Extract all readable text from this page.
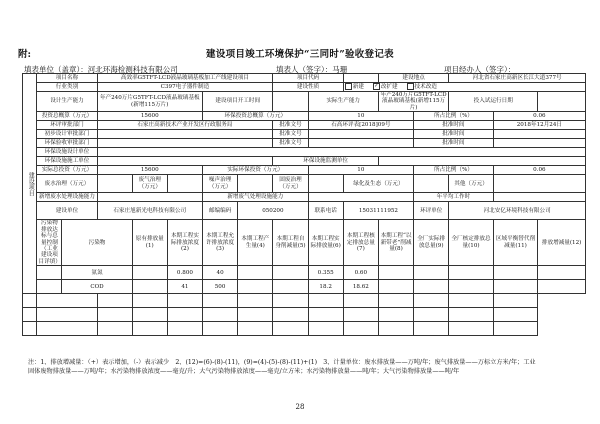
附:	建设项目竣工环境保护“三同时”验收登记表
填表单位（盖章）：河北环海检测科技有限公司	填表人（签字）：马珊	项目经办人（签字）：
建设项目	项目名称		高效率G5TFT-LCD液晶玻璃基板加工产线建设项目					项目代码			建设地点		河北省石家庄高新区长江大道377号		
	行业类别		C397电子器件制造					建设性质		新建 ✓ 改扩建 技术改造					
	设计生产能力		年产240万片G5TFT-LCD液晶玻璃基板(新增115万片)			建设项目开工时间			实际生产能力		年产240万片G5TFT-LCD液晶玻璃基板(新增115万片)		投入试运行日期		
	投资总概算（万元）		15600			环保投资总概算（万元）			10			所占比例（%）		0.06	
	环评审批部门		石家庄高新技术产业开发区行政服务局					批准文号	石高环评表[2018]09号			批准时间		2018年12月24日	
	初步设计审批部门							批准文号				批准时间			
	环保验收审批部门							批准文号				批准时间			
	环保设施设计单位														
	环保设施施工单位							环保设施监测单位							
	实际总投资（万元）		15600			实际环保投资（万元）			10			所占比例（%）		0.06	
	废水治理（万元）			废气治理（万元）		噪声治理（万元）		固废治理（万元）		绿化及生态（万元）			其他（万元）		
	新增废水处理设施能力					新增废气处理设施能力						年平均工作时			
	建设单位		石家庄旭新光电科技有限公司			邮编编码	050200		联系电话	15031111952		环评单位	河北安亿环境科技有限公司		
	污染物排放达标与总量控制（工业建设项目详填）	污染物		原有排放量(1)	本期工程实际排放浓度(2)	本期工程允许排放浓度(3)	本期工程产生量(4)	本期工程自身削减量(5)	本期工程实际排放量(6)	本期工程核定排放总量(7)	本期工程“以新带老”削减量(8)	全厂实际排放总量(9)	全厂核定排放总量(10)	区域平衡替代削减量(11)	排放增减量(12)
		氨氮			0.800	40			0.355	0.60					
		COD			41	500			18.2	18.62					

注：1、排放增减量：（+）表示增加，（-）表示减少　2、(12)=(6)-(8)-(11)，(9)=(4)-(5)-(8)-(11)+(1)　3、计量单位：废水排放量——万吨/年；废气排放量——万标立方米/年；工业
固体废物排放量——万吨/年；水污染物排放浓度——毫克/升；大气污染物排放浓度——毫克/立方米；水污染物排放量——吨/年；大气污染物排放量——吨/年
28
